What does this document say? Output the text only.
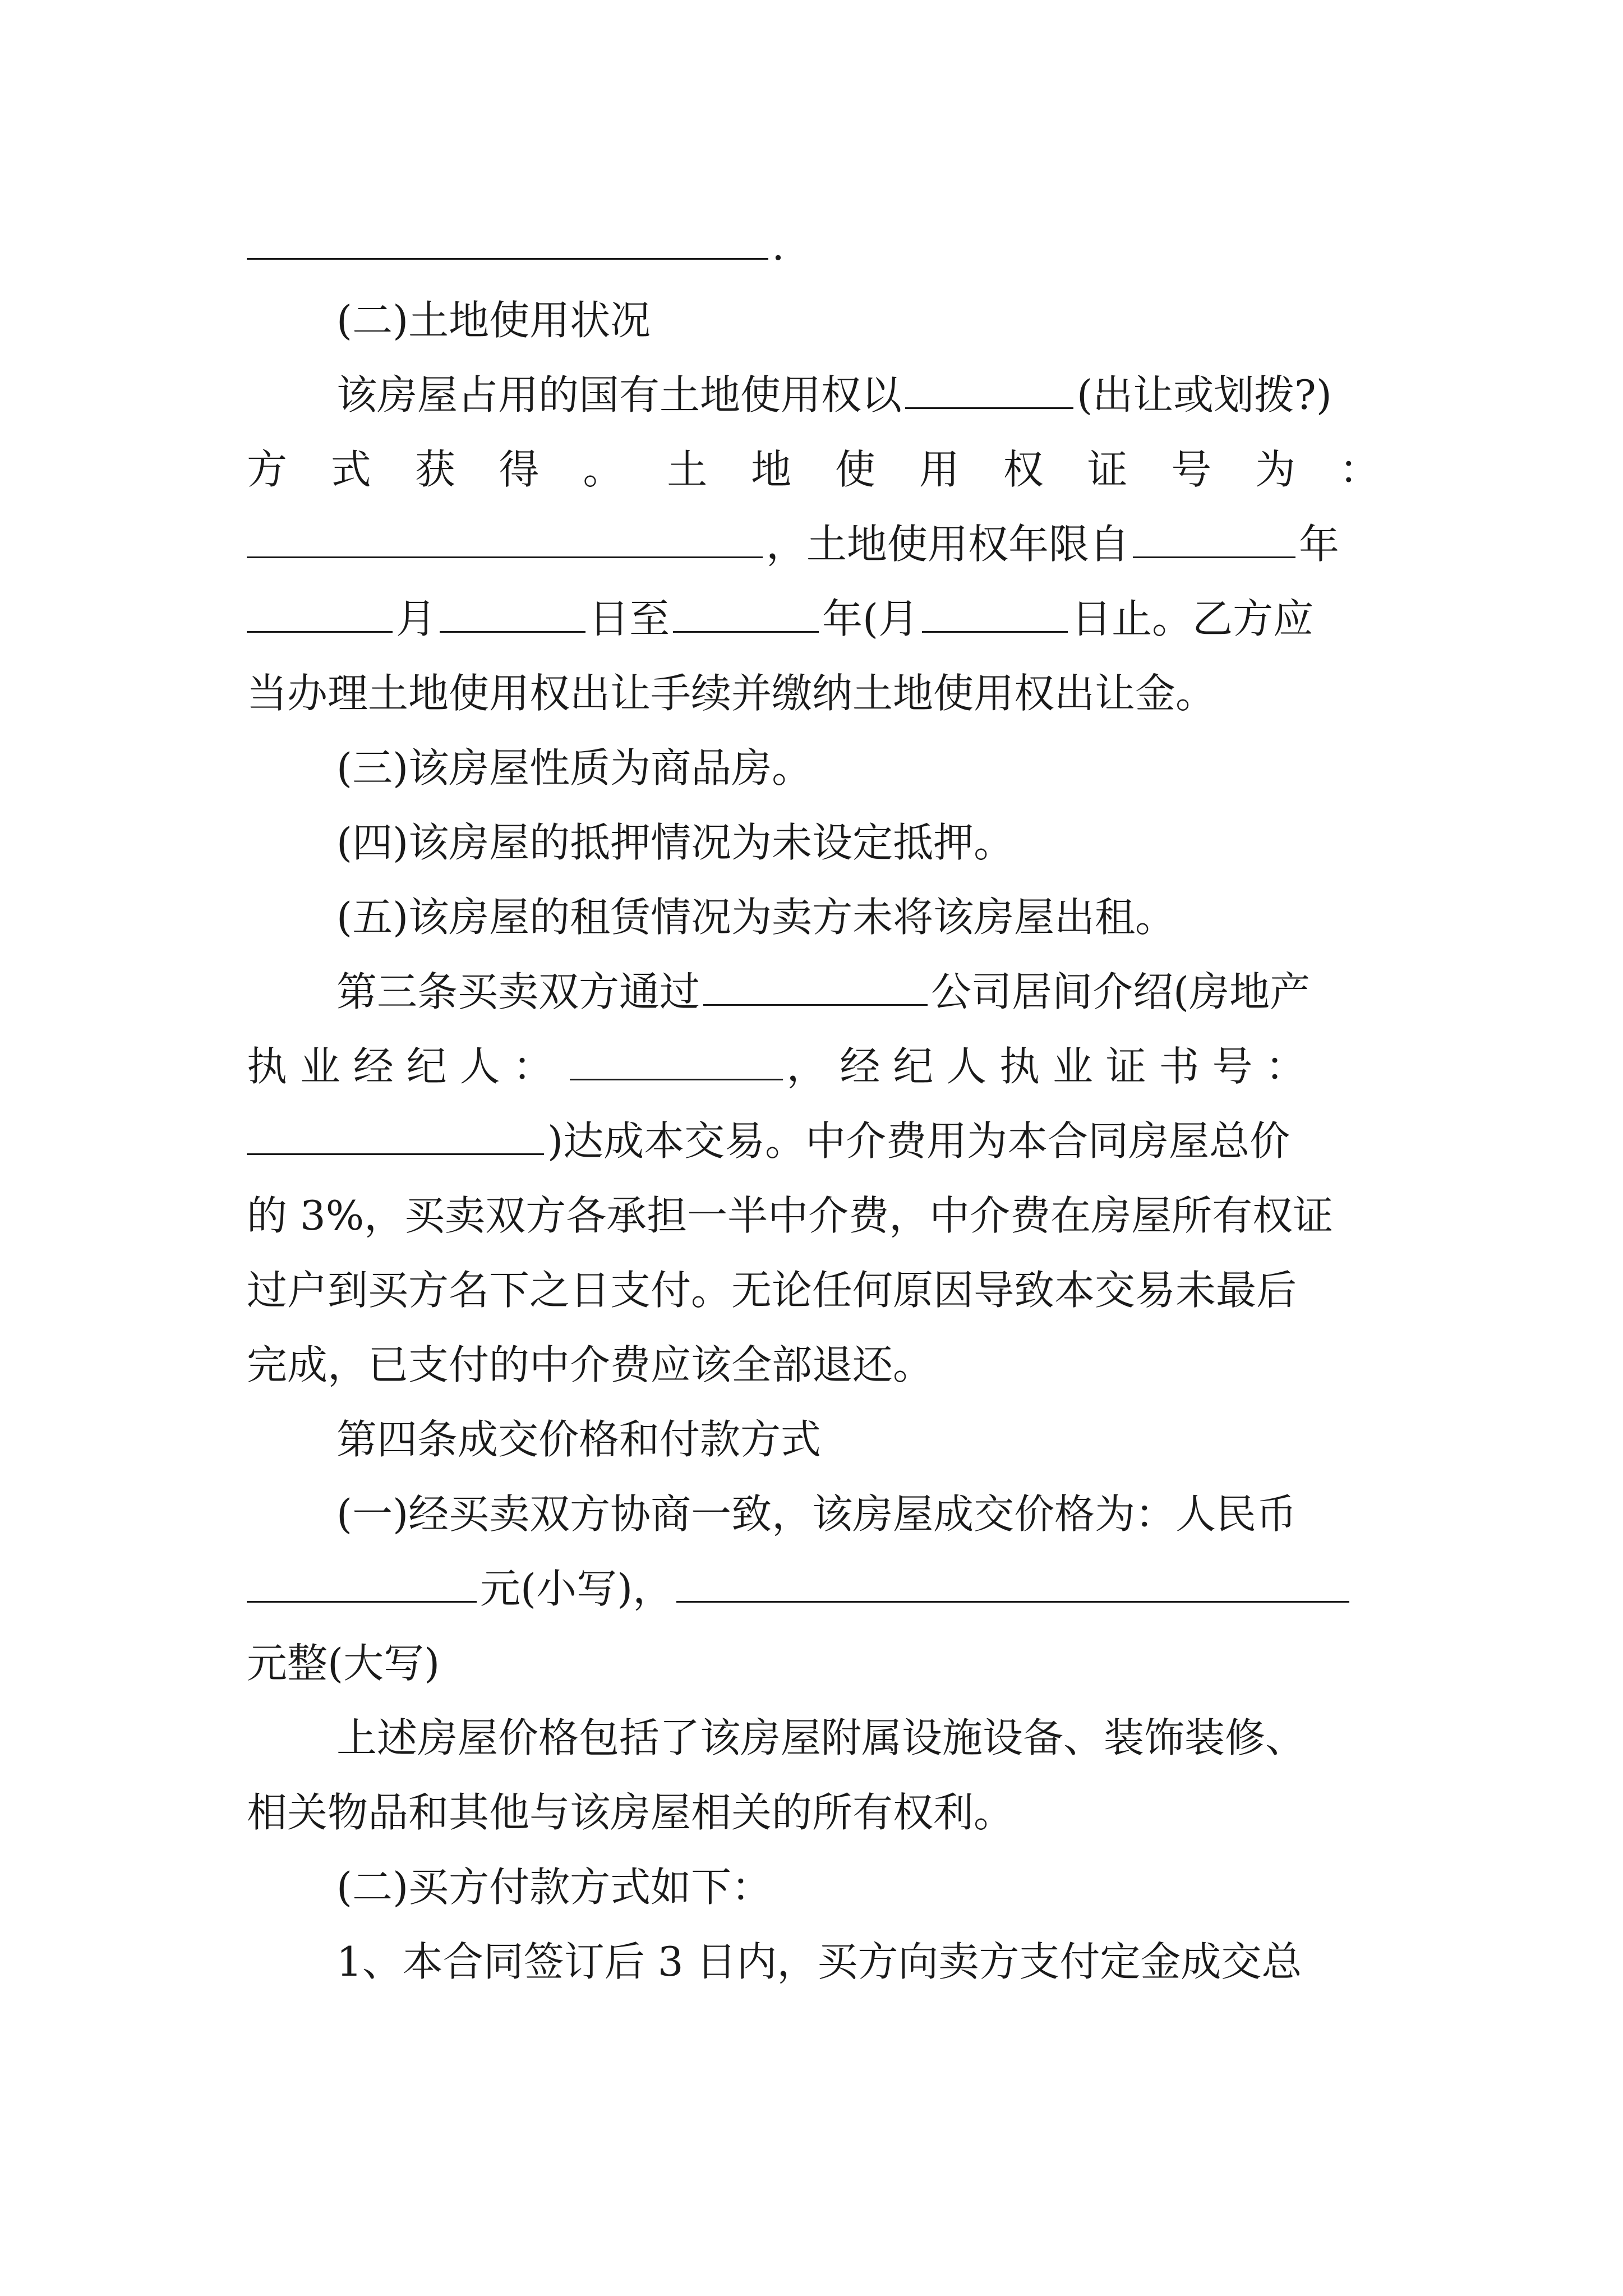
.
(二)土地使用状况
该房屋占用的国有土地使用权以	(出让或划拨?)
方 式 获 得 。 土 地 使 用 权 证 号 为 ：
，土地使用权年限自	年
月	日至	年(月	日止。乙方应
当办理土地使用权出让手续并缴纳土地使用权出让金。
(三)该房屋性质为商品房。
(四)该房屋的抵押情况为未设定抵押。
(五)该房屋的租赁情况为卖方未将该房屋出租。
第三条买卖双方通过	公司居间介绍(房地产
执 业 经 纪 人 ：	， 经 纪 人 执 业 证 书 号 ：
)达成本交易。中介费用为本合同房屋总价
的 3%，买卖双方各承担一半中介费，中介费在房屋所有权证
过户到买方名下之日支付。无论任何原因导致本交易未最后
完成，已支付的中介费应该全部退还。
第四条成交价格和付款方式
(一)经买卖双方协商一致，该房屋成交价格为：人民币
元(小写)，
元整(大写)
上述房屋价格包括了该房屋附属设施设备、装饰装修、
相关物品和其他与该房屋相关的所有权利。
(二)买方付款方式如下：
1、本合同签订后 3 日内，买方向卖方支付定金成交总
